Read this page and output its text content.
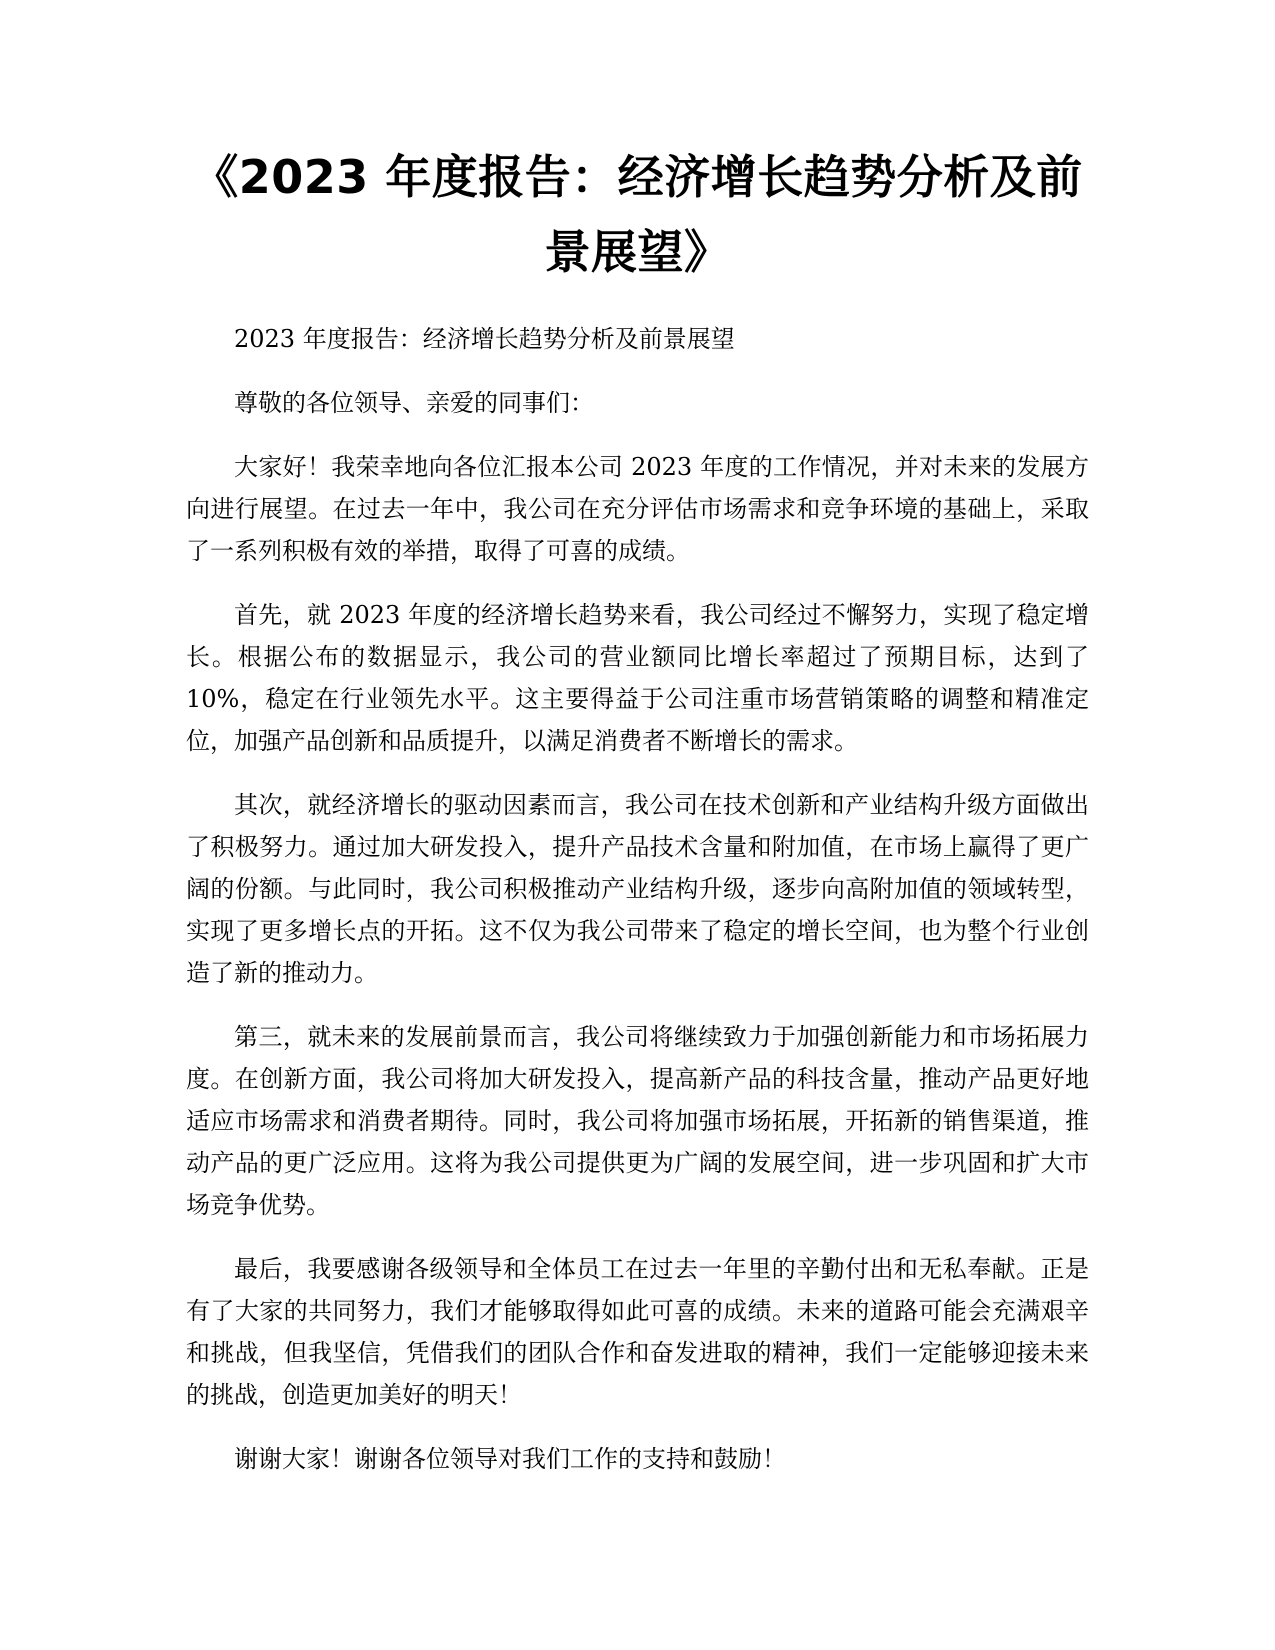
《2023 年度报告：经济增长趋势分析及前景展望》

2023 年度报告：经济增长趋势分析及前景展望

尊敬的各位领导、亲爱的同事们：

大家好！我荣幸地向各位汇报本公司 2023 年度的工作情况，并对未来的发展方向进行展望。在过去一年中，我公司在充分评估市场需求和竞争环境的基础上，采取了一系列积极有效的举措，取得了可喜的成绩。

首先，就 2023 年度的经济增长趋势来看，我公司经过不懈努力，实现了稳定增长。根据公布的数据显示，我公司的营业额同比增长率超过了预期目标，达到了 10%，稳定在行业领先水平。这主要得益于公司注重市场营销策略的调整和精准定位，加强产品创新和品质提升，以满足消费者不断增长的需求。

其次，就经济增长的驱动因素而言，我公司在技术创新和产业结构升级方面做出了积极努力。通过加大研发投入，提升产品技术含量和附加值，在市场上赢得了更广阔的份额。与此同时，我公司积极推动产业结构升级，逐步向高附加值的领域转型，实现了更多增长点的开拓。这不仅为我公司带来了稳定的增长空间，也为整个行业创造了新的推动力。

第三，就未来的发展前景而言，我公司将继续致力于加强创新能力和市场拓展力度。在创新方面，我公司将加大研发投入，提高新产品的科技含量，推动产品更好地适应市场需求和消费者期待。同时，我公司将加强市场拓展，开拓新的销售渠道，推动产品的更广泛应用。这将为我公司提供更为广阔的发展空间，进一步巩固和扩大市场竞争优势。

最后，我要感谢各级领导和全体员工在过去一年里的辛勤付出和无私奉献。正是有了大家的共同努力，我们才能够取得如此可喜的成绩。未来的道路可能会充满艰辛和挑战，但我坚信，凭借我们的团队合作和奋发进取的精神，我们一定能够迎接未来的挑战，创造更加美好的明天！

谢谢大家！谢谢各位领导对我们工作的支持和鼓励！
